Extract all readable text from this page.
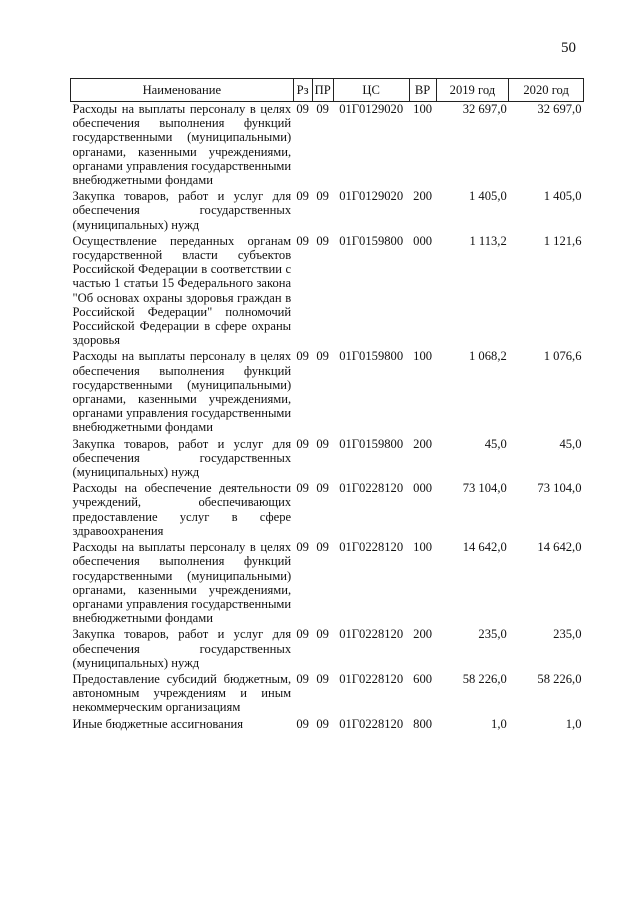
50
Наименование	Рз	ПР	ЦС	ВР	2019 год	2020 год
Расходы на выплаты персоналу в целях обеспечения выполнения функций государственными (муниципальными) органами, казенными учреждениями, органами управления государственными внебюджетными фондами	09	09	01Г0129020	100	32 697,0	32 697,0
Закупка товаров, работ и услуг для обеспечения государственных (муниципальных) нужд	09	09	01Г0129020	200	1 405,0	1 405,0
Осуществление переданных органам государственной власти субъектов Российской Федерации в соответствии с частью 1 статьи 15 Федерального закона "Об основах охраны здоровья граждан в Российской Федерации" полномочий Российской Федерации в сфере охраны здоровья	09	09	01Г0159800	000	1 113,2	1 121,6
Расходы на выплаты персоналу в целях обеспечения выполнения функций государственными (муниципальными) органами, казенными учреждениями, органами управления государственными внебюджетными фондами	09	09	01Г0159800	100	1 068,2	1 076,6
Закупка товаров, работ и услуг для обеспечения государственных (муниципальных) нужд	09	09	01Г0159800	200	45,0	45,0
Расходы на обеспечение деятельности учреждений, обеспечивающих предоставление услуг в сфере здравоохранения	09	09	01Г0228120	000	73 104,0	73 104,0
Расходы на выплаты персоналу в целях обеспечения выполнения функций государственными (муниципальными) органами, казенными учреждениями, органами управления государственными внебюджетными фондами	09	09	01Г0228120	100	14 642,0	14 642,0
Закупка товаров, работ и услуг для обеспечения государственных (муниципальных) нужд	09	09	01Г0228120	200	235,0	235,0
Предоставление субсидий бюджетным, автономным учреждениям и иным некоммерческим организациям	09	09	01Г0228120	600	58 226,0	58 226,0
Иные бюджетные ассигнования	09	09	01Г0228120	800	1,0	1,0
